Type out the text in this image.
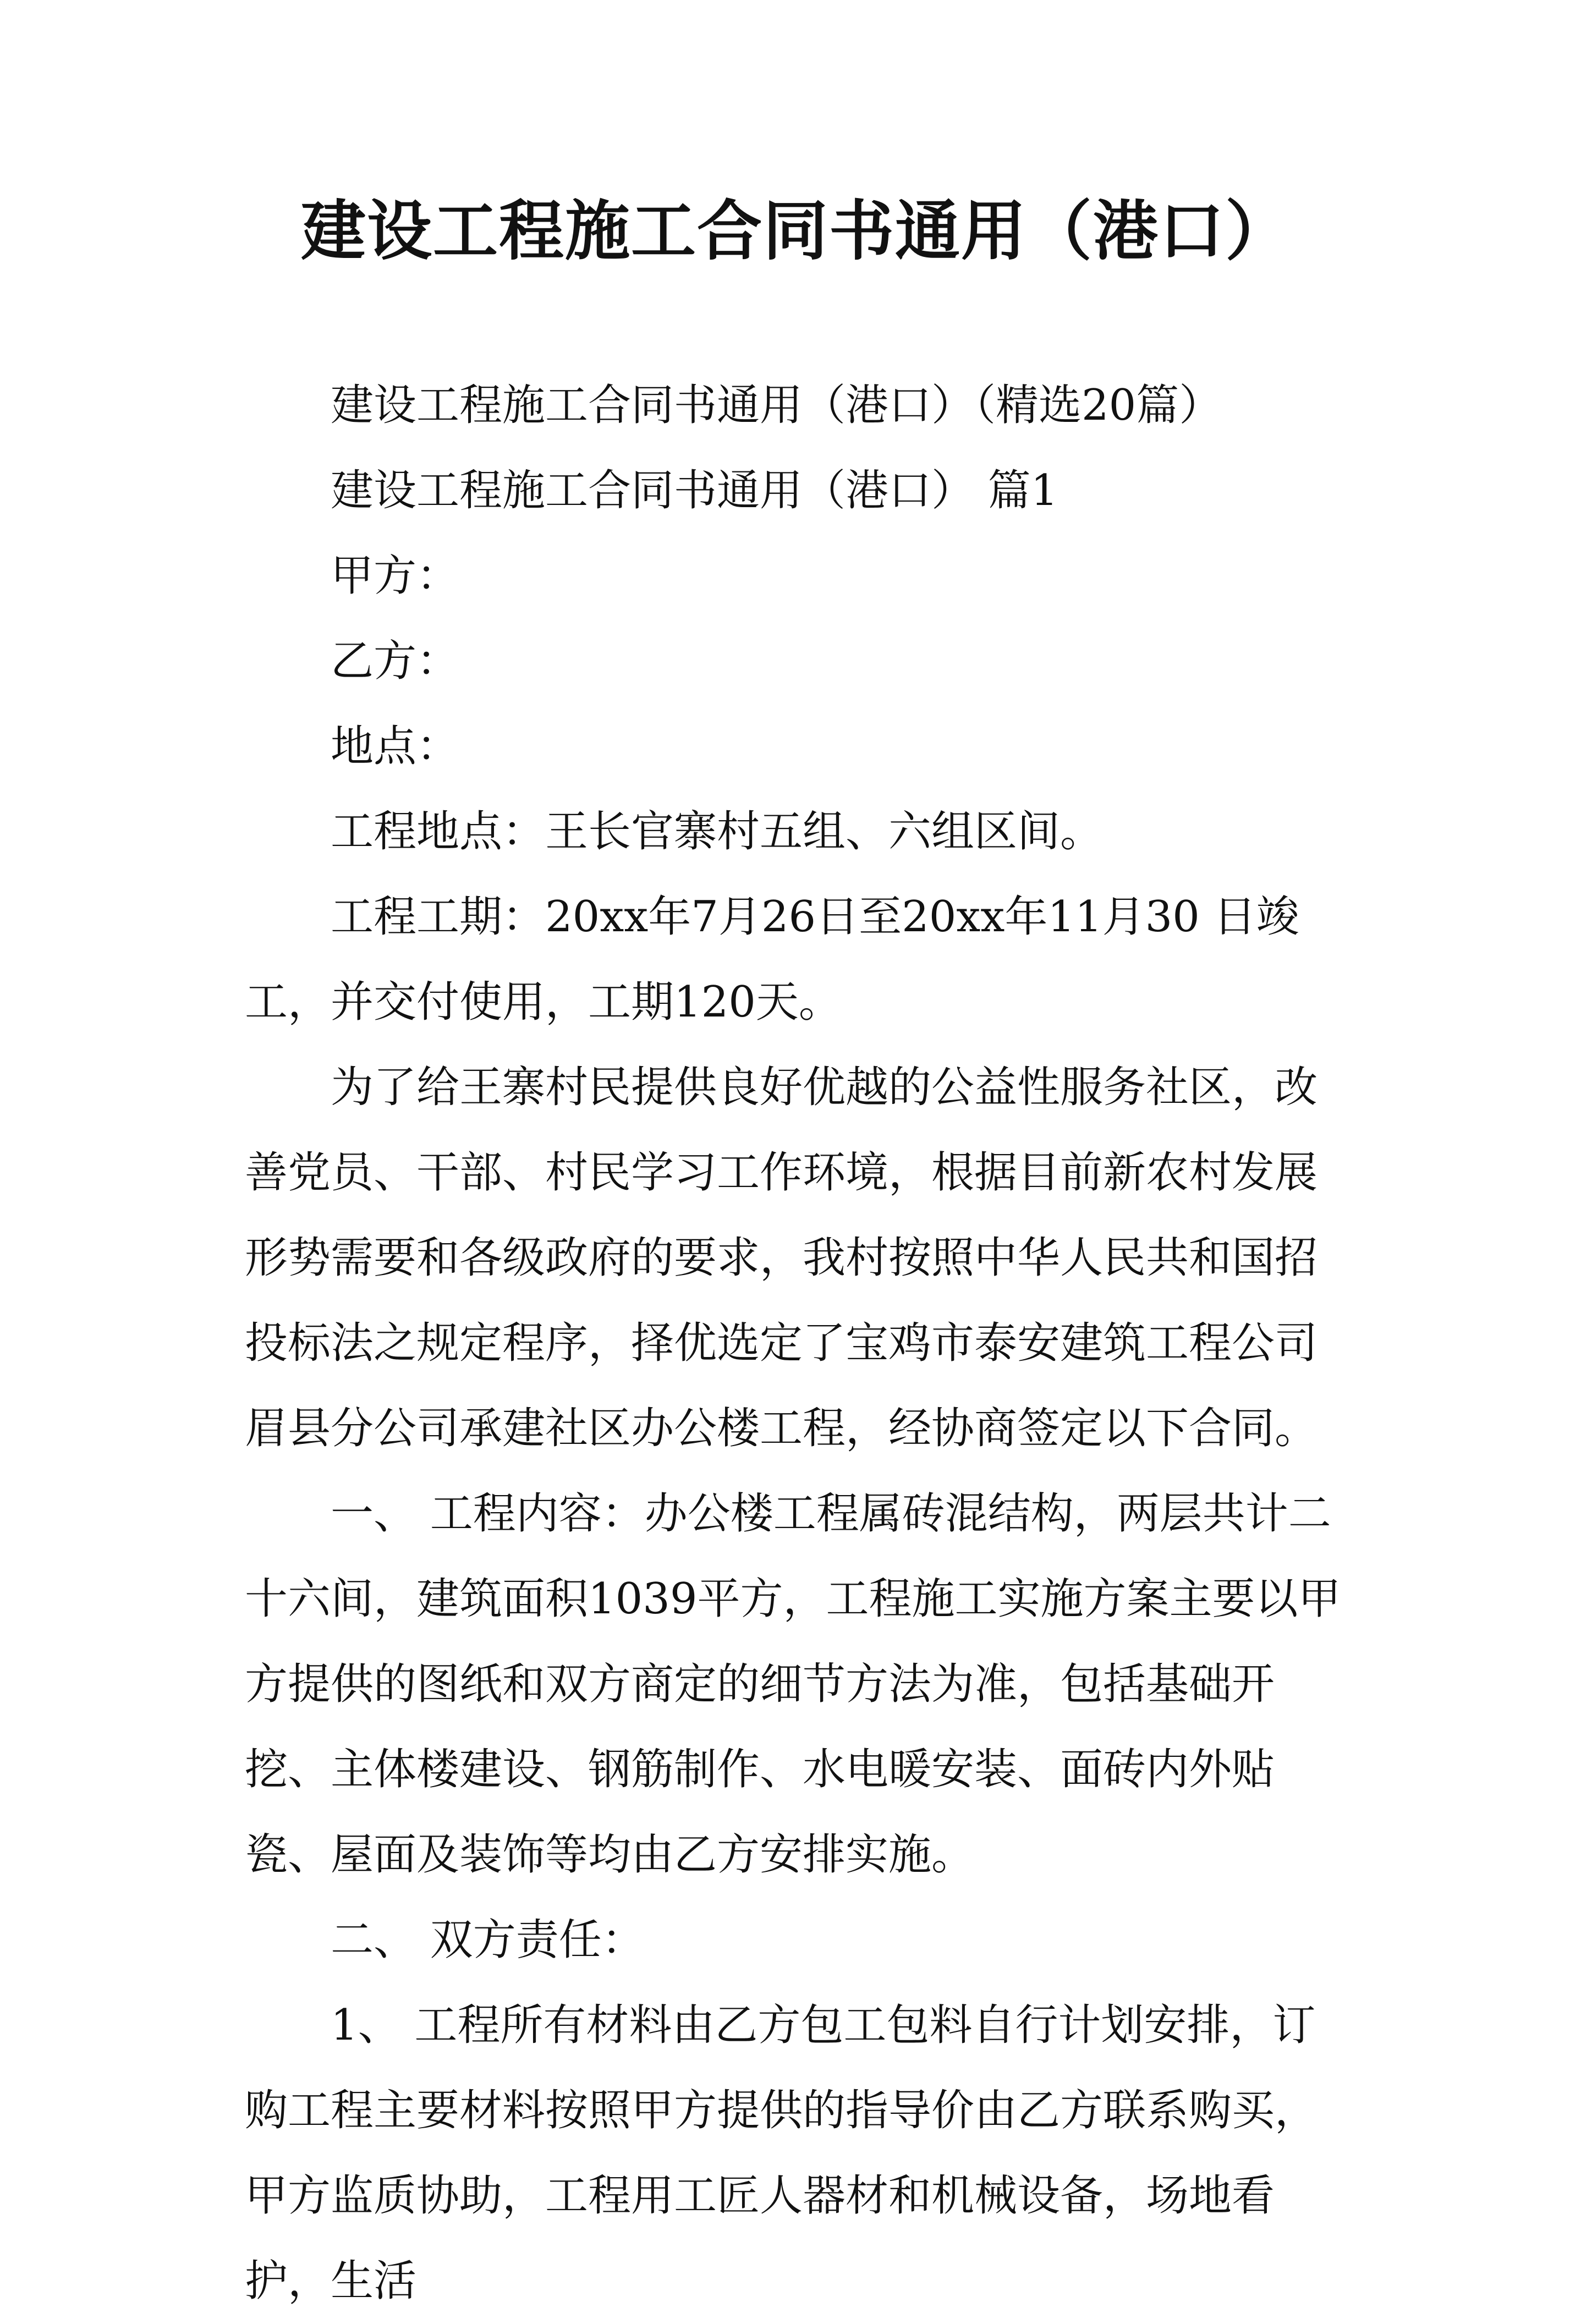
建设工程施工合同书通用（港口）

建设工程施工合同书通用（港口）（精选20篇）

建设工程施工合同书通用（港口） 篇1

甲方：

乙方：

地点：

工程地点：王长官寨村五组、六组区间。

工程工期：20xx年7月26日至20xx年11月30 日竣工，并交付使用，工期120天。

为了给王寨村民提供良好优越的公益性服务社区，改善党员、干部、村民学习工作环境，根据目前新农村发展形势需要和各级政府的要求，我村按照中华人民共和国招投标法之规定程序，择优选定了宝鸡市泰安建筑工程公司眉县分公司承建社区办公楼工程，经协商签定以下合同。

一、 工程内容：办公楼工程属砖混结构，两层共计二十六间，建筑面积1039平方，工程施工实施方案主要以甲方提供的图纸和双方商定的细节方法为准，包括基础开挖、主体楼建设、钢筋制作、水电暖安装、面砖内外贴瓷、屋面及装饰等均由乙方安排实施。

二、 双方责任：

1、 工程所有材料由乙方包工包料自行计划安排，订购工程主要材料按照甲方提供的指导价由乙方联系购买，甲方监质协助，工程用工匠人器材和机械设备，场地看护，生活
